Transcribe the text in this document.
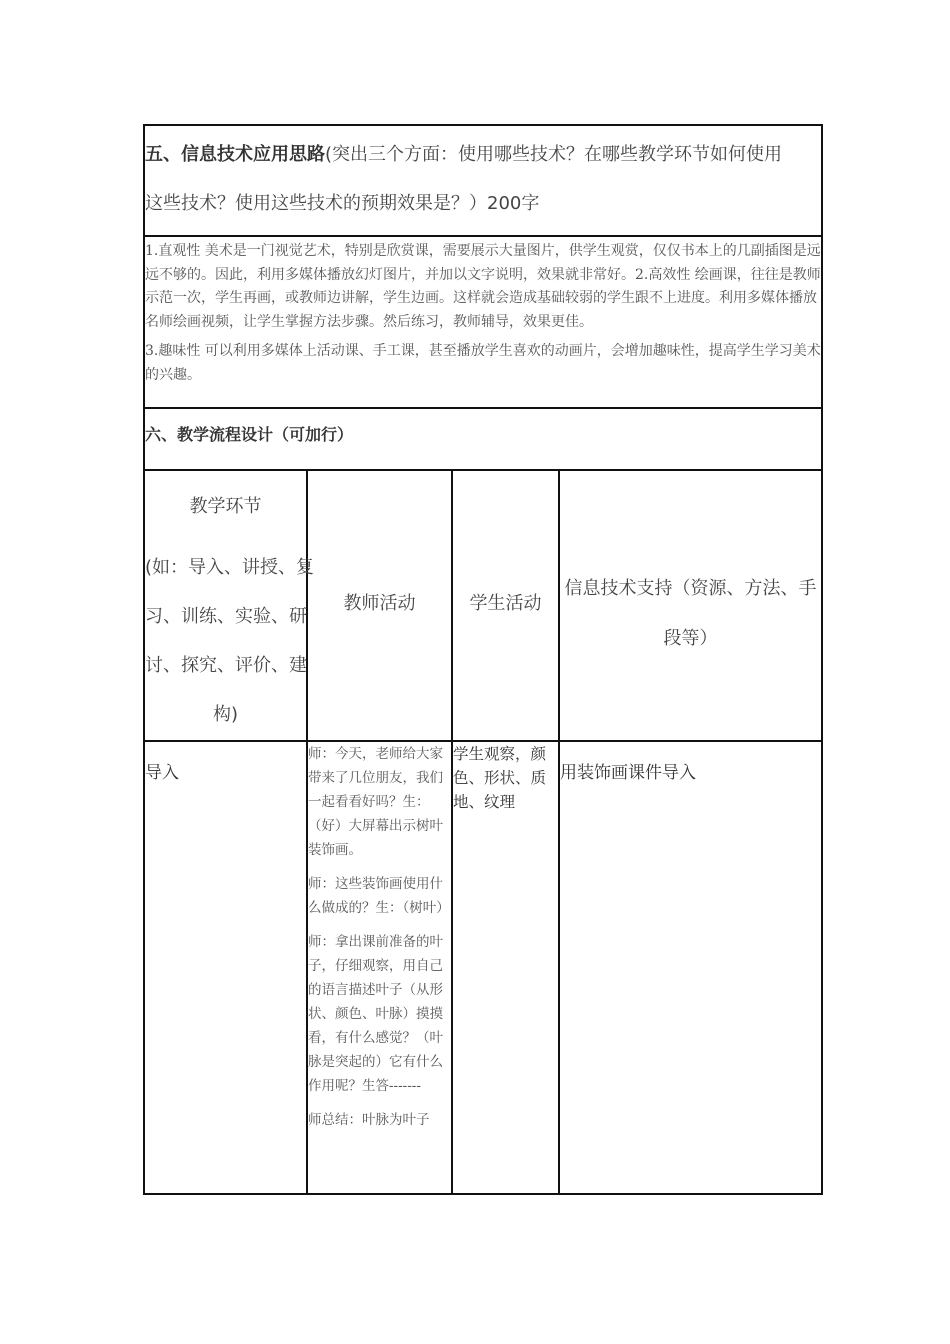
五、信息技术应用思路(突出三个方面：使用哪些技术？在哪些教学环节如何使用
这些技术？使用这些技术的预期效果是？）200字

1.直观性 美术是一门视觉艺术，特别是欣赏课，需要展示大量图片，供学生观赏，仅仅书本上的几副插图是远远不够的。因此，利用多媒体播放幻灯图片，并加以文字说明，效果就非常好。2.高效性 绘画课，往往是教师示范一次，学生再画，或教师边讲解，学生边画。这样就会造成基础较弱的学生跟不上进度。利用多媒体播放名师绘画视频，让学生掌握方法步骤。然后练习，教师辅导，效果更佳。

3.趣味性 可以利用多媒体上活动课、手工课，甚至播放学生喜欢的动画片，会增加趣味性，提高学生学习美术的兴趣。

六、教学流程设计（可加行）
教学环节
(如：导入、讲授、复
习、训练、实验、研
讨、探究、评价、建
构)
教师活动	学生活动
信息技术支持（资源、方法、手
段等）
导入

师：今天，老师给大家带来了几位朋友，我们一起看看好吗？生：（好）大屏幕出示树叶装饰画。

师：这些装饰画使用什么做成的？生：（树叶）

师：拿出课前准备的叶子，仔细观察，用自己的语言描述叶子（从形状、颜色、叶脉）摸摸看，有什么感觉？（叶脉是突起的）它有什么作用呢？生答-------

师总结：叶脉为叶子

学生观察，颜色、形状、质地、纹理
用装饰画课件导入
